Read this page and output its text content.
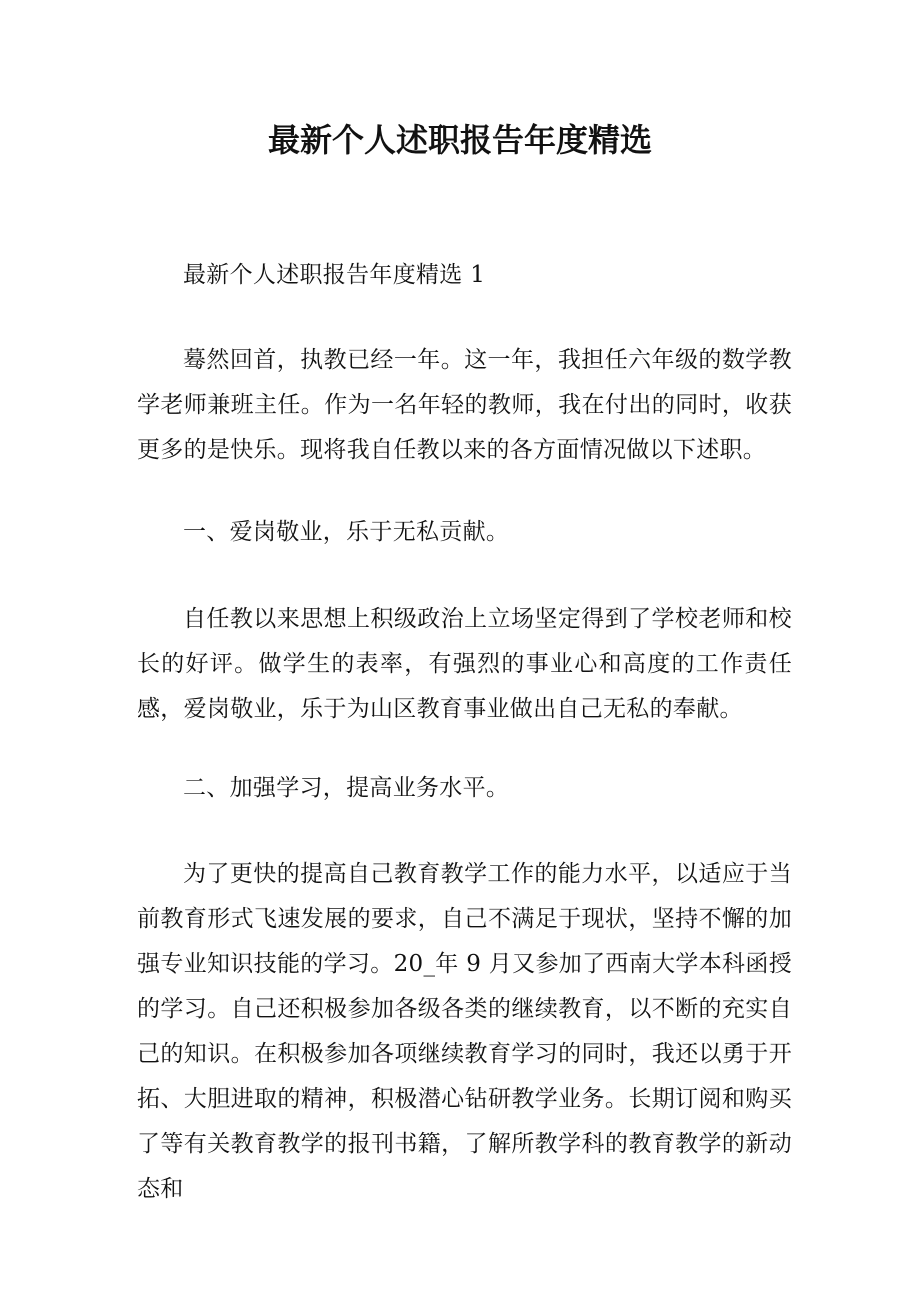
最新个人述职报告年度精选

最新个人述职报告年度精选 1

蓦然回首，执教已经一年。这一年，我担任六年级的数学教学老师兼班主任。作为一名年轻的教师，我在付出的同时，收获更多的是快乐。现将我自任教以来的各方面情况做以下述职。

一、爱岗敬业，乐于无私贡献。

自任教以来思想上积级政治上立场坚定得到了学校老师和校长的好评。做学生的表率，有强烈的事业心和高度的工作责任感，爱岗敬业，乐于为山区教育事业做出自己无私的奉献。

二、加强学习，提高业务水平。

为了更快的提高自己教育教学工作的能力水平，以适应于当前教育形式飞速发展的要求，自己不满足于现状，坚持不懈的加强专业知识技能的学习。20_年 9 月又参加了西南大学本科函授的学习。自己还积极参加各级各类的继续教育，以不断的充实自己的知识。在积极参加各项继续教育学习的同时，我还以勇于开拓、大胆进取的精神，积极潜心钻研教学业务。长期订阅和购买了等有关教育教学的报刊书籍，了解所教学科的教育教学的新动态和
